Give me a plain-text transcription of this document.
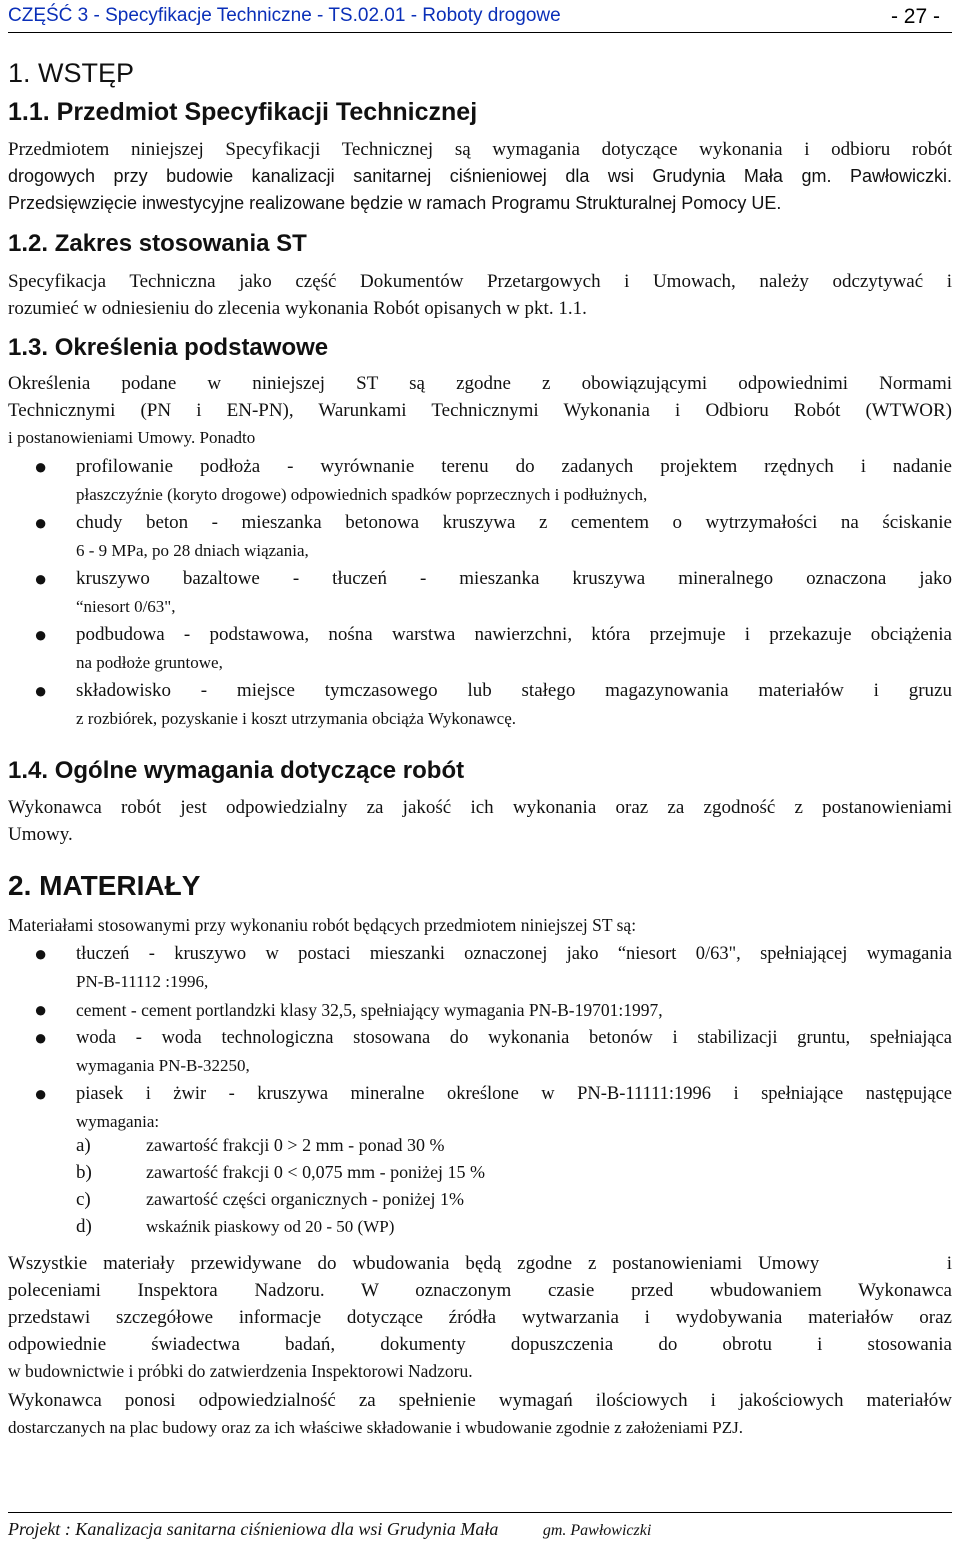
CZĘŚĆ 3 - Specyfikacje Techniczne - TS.02.01 - Roboty drogowe	- 27 -
1. WSTĘP
1.1. Przedmiot Specyfikacji Technicznej
Przedmiotem niniejszej Specyfikacji Technicznej są wymagania dotyczące wykonania i odbioru robót
drogowych przy budowie kanalizacji sanitarnej ciśnieniowej dla wsi Grudynia Mała gm. Pawłowiczki.
Przedsięwzięcie inwestycyjne realizowane będzie w ramach Programu Strukturalnej Pomocy UE.
1.2. Zakres stosowania ST
Specyfikacja Techniczna jako część Dokumentów Przetargowych i Umowach, należy odczytywać i
rozumieć w odniesieniu do zlecenia wykonania Robót opisanych w pkt. 1.1.
1.3. Określenia podstawowe
Określenia podane w niniejszej ST są zgodne z obowiązującymi odpowiednimi Normami
Technicznymi (PN i EN-PN), Warunkami Technicznymi Wykonania i Odbioru Robót (WTWOR)
i postanowieniami Umowy. Ponadto
● profilowanie podłoża - wyrównanie terenu do zadanych projektem rzędnych i nadanie
płaszczyźnie (koryto drogowe) odpowiednich spadków poprzecznych i podłużnych,
● chudy beton - mieszanka betonowa kruszywa z cementem o wytrzymałości na ściskanie
6 - 9 MPa, po 28 dniach wiązania,
● kruszywo bazaltowe - tłuczeń - mieszanka kruszywa mineralnego oznaczona jako
“niesort 0/63",
● podbudowa - podstawowa, nośna warstwa nawierzchni, która przejmuje i przekazuje obciążenia
na podłoże gruntowe,
● składowisko - miejsce tymczasowego lub stałego magazynowania materiałów i gruzu
z rozbiórek, pozyskanie i koszt utrzymania obciąża Wykonawcę.
1.4. Ogólne wymagania dotyczące robót
Wykonawca robót jest odpowiedzialny za jakość ich wykonania oraz za zgodność z postanowieniami
Umowy.
2. MATERIAŁY
Materiałami stosowanymi przy wykonaniu robót będących przedmiotem niniejszej ST są:
● tłuczeń - kruszywo w postaci mieszanki oznaczonej jako “niesort 0/63", spełniającej wymagania
PN-B-11112 :1996,
● cement - cement portlandzki klasy 32,5, spełniający wymagania PN-B-19701:1997,
● woda - woda technologiczna stosowana do wykonania betonów i stabilizacji gruntu, spełniająca
wymagania PN-B-32250,
● piasek i żwir - kruszywa mineralne określone w PN-B-11111:1996 i spełniające następujące
wymagania:
a)	zawartość frakcji 0 > 2 mm - ponad 30 %
b)	zawartość frakcji 0 < 0,075 mm - poniżej 15 %
c)	zawartość części organicznych - poniżej 1%
d)	wskaźnik piaskowy od 20 - 50 (WP)
Wszystkie materiały przewidywane do wbudowania będą zgodne z postanowieniami Umowy        i
poleceniami Inspektora Nadzoru. W oznaczonym czasie przed wbudowaniem Wykonawca
przedstawi szczegółowe informacje dotyczące źródła wytwarzania i wydobywania materiałów oraz
odpowiednie świadectwa badań, dokumenty dopuszczenia do obrotu i stosowania
w budownictwie i próbki do zatwierdzenia Inspektorowi Nadzoru.
Wykonawca ponosi odpowiedzialność za spełnienie wymagań ilościowych i jakościowych materiałów
dostarczanych na plac budowy oraz za ich właściwe składowanie i wbudowanie zgodnie z założeniami PZJ.
Projekt : Kanalizacja sanitarna ciśnieniowa dla wsi Grudynia Mała	gm. Pawłowiczki
